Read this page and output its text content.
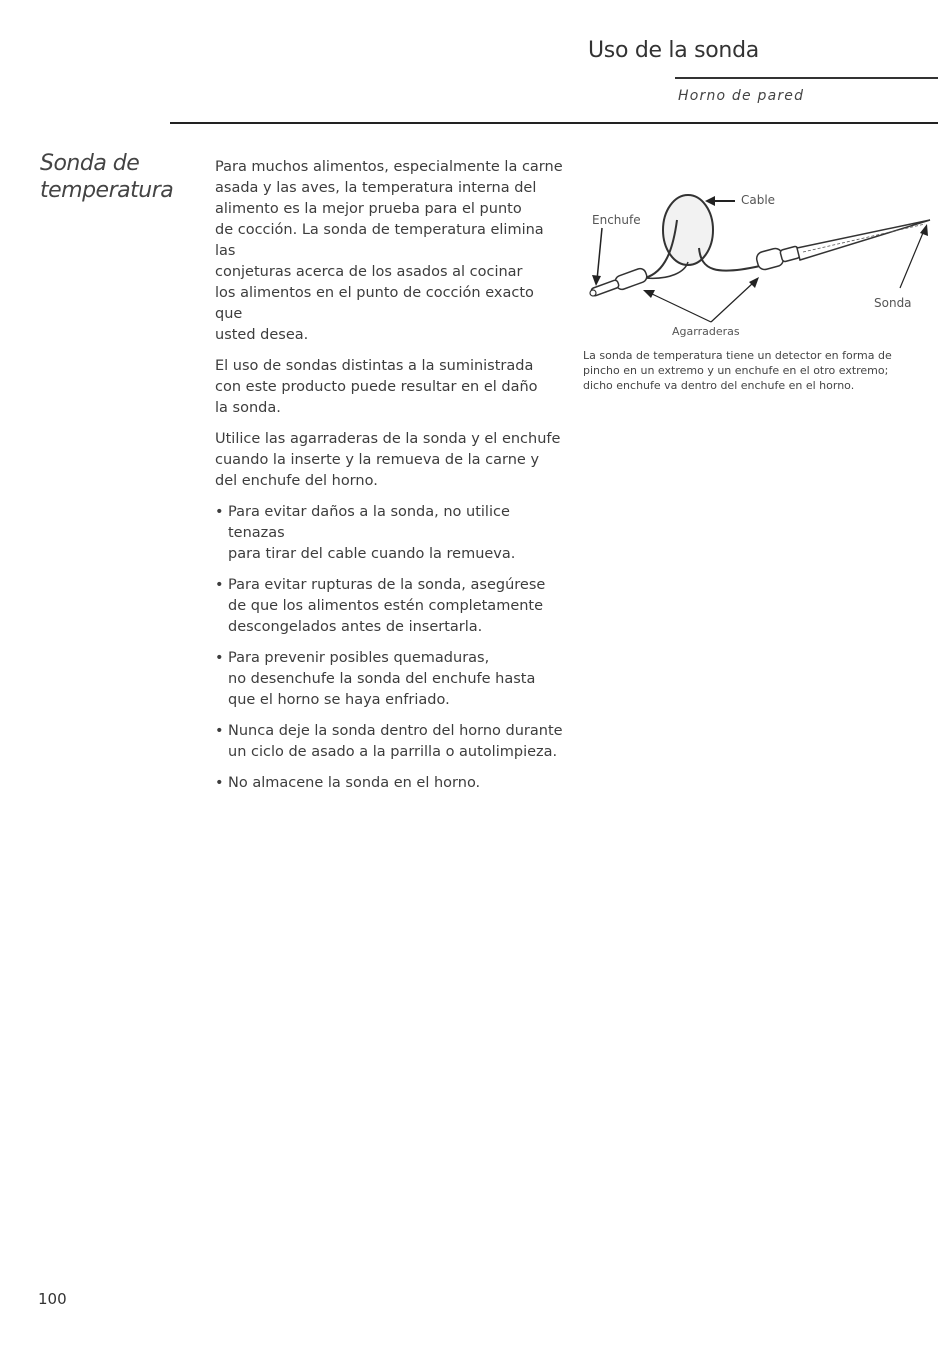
Uso de la sonda
Horno de pared
Sonda de
temperatura

Para muchos alimentos, especialmente la carne
asada y las aves, la temperatura interna del
alimento es la mejor prueba para el punto
de cocción. La sonda de temperatura elimina las
conjeturas acerca de los asados al cocinar
los alimentos en el punto de cocción exacto que
usted desea.

El uso de sondas distintas a la suministrada
con este producto puede resultar en el daño
la sonda.

Utilice las agarraderas de la sonda y el enchufe
cuando la inserte y la remueva de la carne y
del enchufe del horno.

• Para evitar daños a la sonda, no utilice tenazas
para tirar del cable cuando la remueva.
• Para evitar rupturas de la sonda, asegúrese
de que los alimentos estén completamente
descongelados antes de insertarla.
• Para prevenir posibles quemaduras,
no desenchufe la sonda del enchufe hasta
que el horno se haya enfriado.
• Nunca deje la sonda dentro del horno durante
un ciclo de asado a la parrilla o autolimpieza.
• No almacene la sonda en el horno.
Cable
Enchufe
Sonda
Agarraderas
La sonda de temperatura tiene un detector en forma de
pincho en un extremo y un enchufe en el otro extremo;
dicho enchufe va dentro del enchufe en el horno.
100
